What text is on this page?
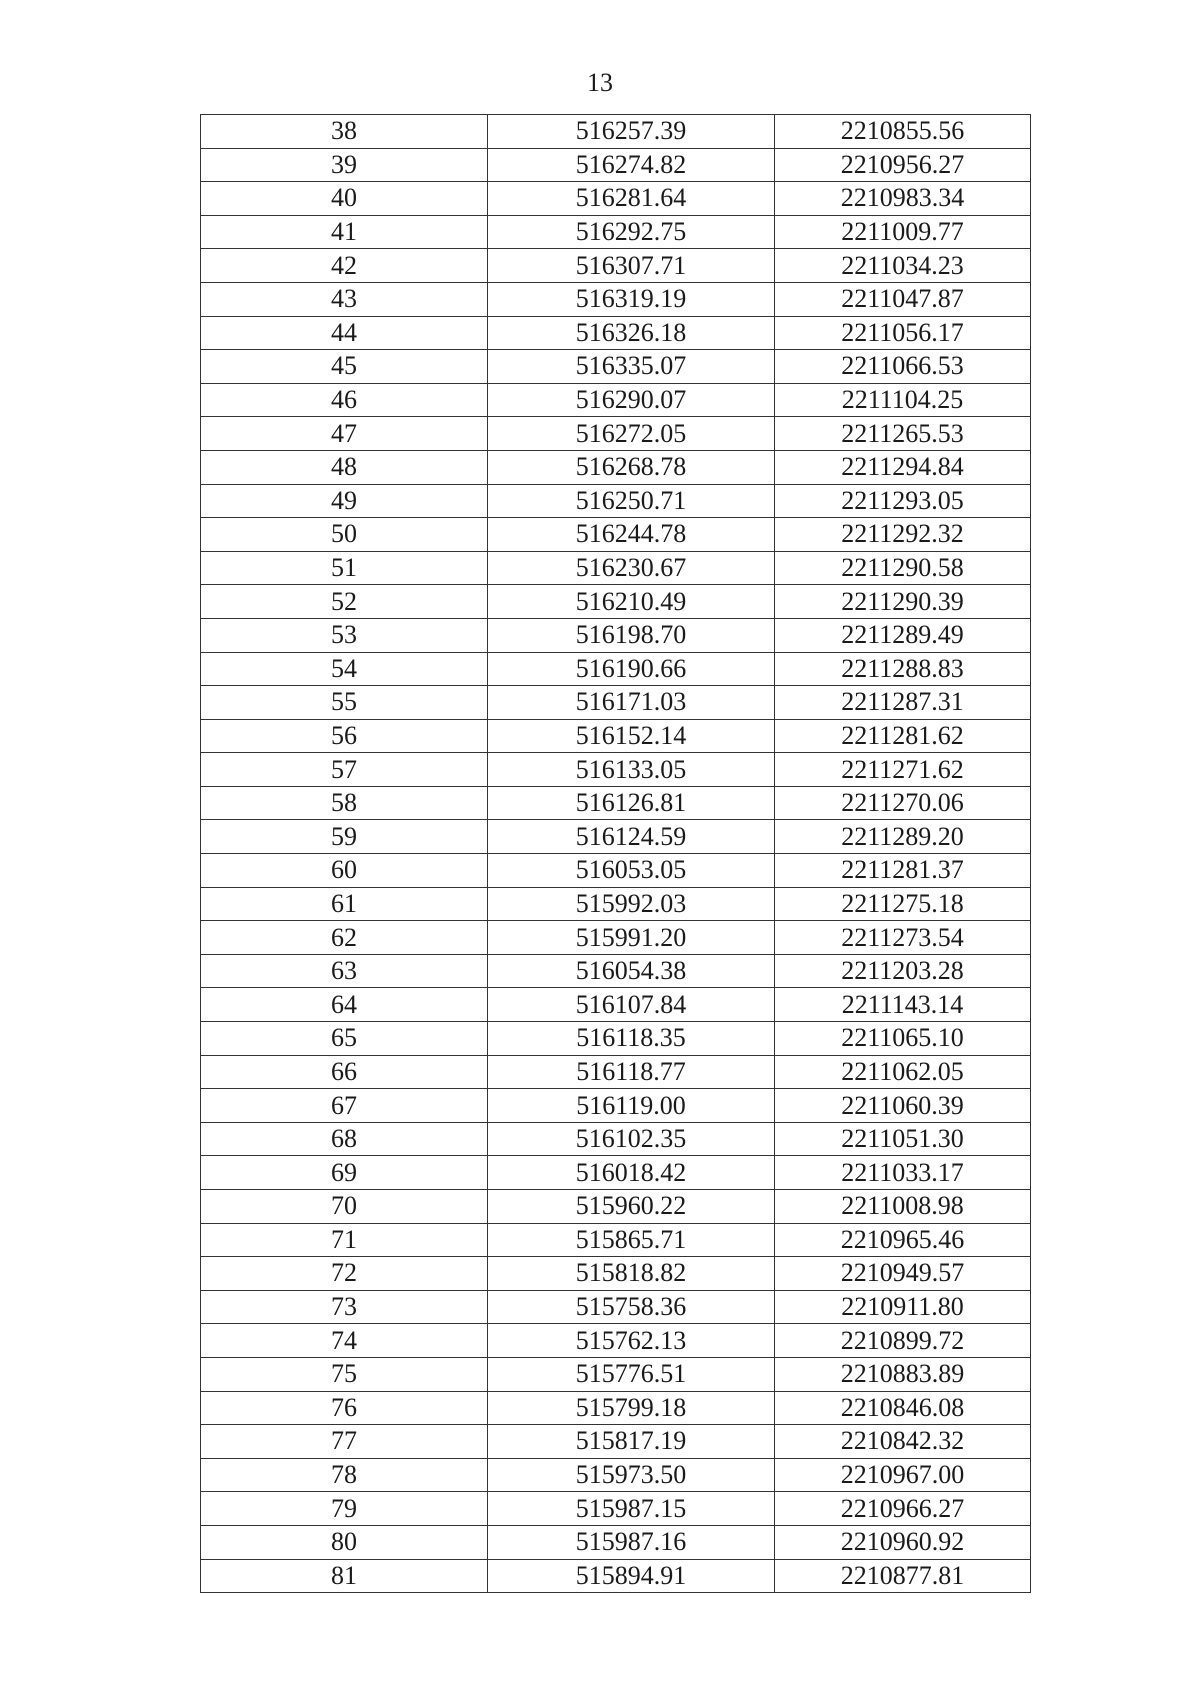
13
38	516257.39	2210855.56
39	516274.82	2210956.27
40	516281.64	2210983.34
41	516292.75	2211009.77
42	516307.71	2211034.23
43	516319.19	2211047.87
44	516326.18	2211056.17
45	516335.07	2211066.53
46	516290.07	2211104.25
47	516272.05	2211265.53
48	516268.78	2211294.84
49	516250.71	2211293.05
50	516244.78	2211292.32
51	516230.67	2211290.58
52	516210.49	2211290.39
53	516198.70	2211289.49
54	516190.66	2211288.83
55	516171.03	2211287.31
56	516152.14	2211281.62
57	516133.05	2211271.62
58	516126.81	2211270.06
59	516124.59	2211289.20
60	516053.05	2211281.37
61	515992.03	2211275.18
62	515991.20	2211273.54
63	516054.38	2211203.28
64	516107.84	2211143.14
65	516118.35	2211065.10
66	516118.77	2211062.05
67	516119.00	2211060.39
68	516102.35	2211051.30
69	516018.42	2211033.17
70	515960.22	2211008.98
71	515865.71	2210965.46
72	515818.82	2210949.57
73	515758.36	2210911.80
74	515762.13	2210899.72
75	515776.51	2210883.89
76	515799.18	2210846.08
77	515817.19	2210842.32
78	515973.50	2210967.00
79	515987.15	2210966.27
80	515987.16	2210960.92
81	515894.91	2210877.81
